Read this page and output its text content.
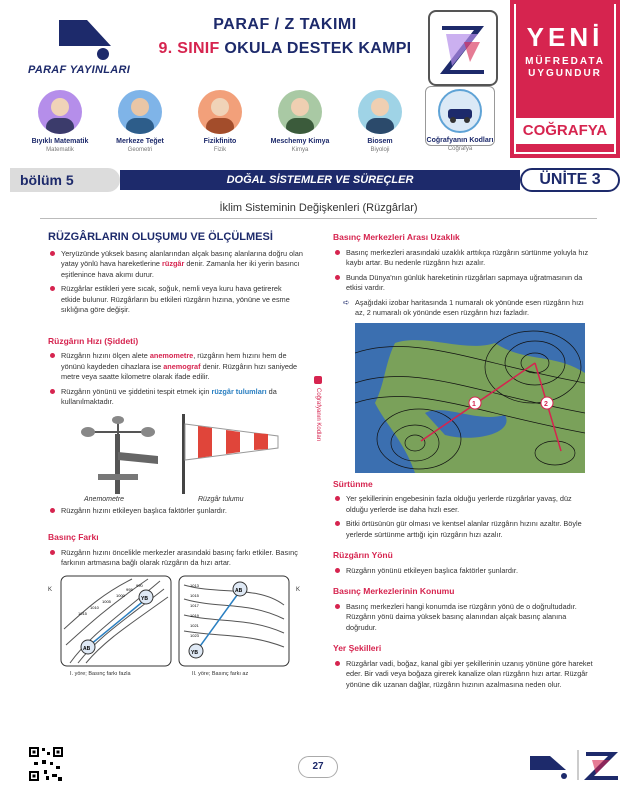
PARAF YAYINLARI
PARAF / Z TAKIMI
9. SINIF OKULA DESTEK KAMPI	YENİ
MÜFREDATA
UYGUNDUR
COĞRAFYA
Bıyıklı Matematik
Matematik
Merkeze Teğet
Geometri
Fizikfinito
Fizik
Meschemy Kimya
Kimya
Biosem
Biyoloji
Coğrafyanın Kodları
Coğrafya
bölüm 5	DOĞAL SİSTEMLER VE SÜREÇLER	ÜNİTE 3
İklim Sisteminin Değişkenleri (Rüzgârlar)
RÜZGÂRLARIN OLUŞUMU VE ÖLÇÜLMESİ
Yeryüzünde yüksek basınç alanlarından alçak basınç alanlarına doğru olan yatay yönlü hava hareketlerine rüzgâr denir. Zamanla her iki yerin basıncı eşitlenince hava akımı durur.
Rüzgârlar estikleri yere sıcak, soğuk, nemli veya kuru hava getirerek etkide bulunur. Rüzgârların bu etkileri rüzgârın hızına, yönüne ve esme sıklığına göre değişir.
Rüzgârın Hızı (Şiddeti)
Rüzgârın hızını ölçen alete anemometre, rüzgârın hem hızını hem de yönünü kaydeden cihazlara ise anemograf denir. Rüzgârın hızı saniyede metre veya saatte kilometre olarak ifade edilir.
Rüzgârın yönünü ve şiddetini tespit etmek için rüzgâr tulumları da kullanılmaktadır.
Anemometre	Rüzgâr tulumu
Rüzgârın hızını etkileyen başlıca faktörler şunlardır.
Basınç Farkı
Rüzgârın hızını öncelikle merkezler arasındaki basınç farkı etkiler. Basınç farkının artmasına bağlı olarak rüzgârın da hızı artar.
YB
AB
1015
1010
1005
1000
995
990
AB
YB
1013
1015
1017
1019
1021
1023
K	K
I. yöre; Basınç farkı fazla	II. yöre; Basınç farkı az
Coğrafyanın Kodları
Basınç Merkezleri Arası Uzaklık
Basınç merkezleri arasındaki uzaklık arttıkça rüzgârın sürtünme yoluyla hız kaybı artar. Bu nedenle rüzgârın hızı azalır.
Bunda Dünya'nın günlük hareketinin rüzgârları sapmaya uğratmasının da etkisi vardır.
➪ Aşağıdaki izobar haritasında 1 numaralı ok yönünde esen rüzgârın hızı az, 2 numaralı ok yönünde esen rüzgârın hızı fazladır.
1	2
Sürtünme
Yer şekillerinin engebesinin fazla olduğu yerlerde rüzgârlar yavaş, düz olduğu yerlerde ise daha hızlı eser.
Bitki örtüsünün gür olması ve kentsel alanlar rüzgârın hızını azaltır. Böyle yerlerde sürtünme arttığı için rüzgârın hızı azalır.
Rüzgârın Yönü
Rüzgârın yönünü etkileyen başlıca faktörler şunlardır.
Basınç Merkezlerinin Konumu
Basınç merkezleri hangi konumda ise rüzgârın yönü de o doğrultudadır. Rüzgârın yönü daima yüksek basınç alanından alçak basınç alanına doğrudur.
Yer Şekilleri
Rüzgârlar vadi, boğaz, kanal gibi yer şekillerinin uzanış yönüne göre hareket eder. Bir vadi veya boğaza girerek kanalize olan rüzgârın hızı artar. Rüzgâr yönüne dik uzanan dağlar, rüzgârın hızının azalmasına neden olur.
27
